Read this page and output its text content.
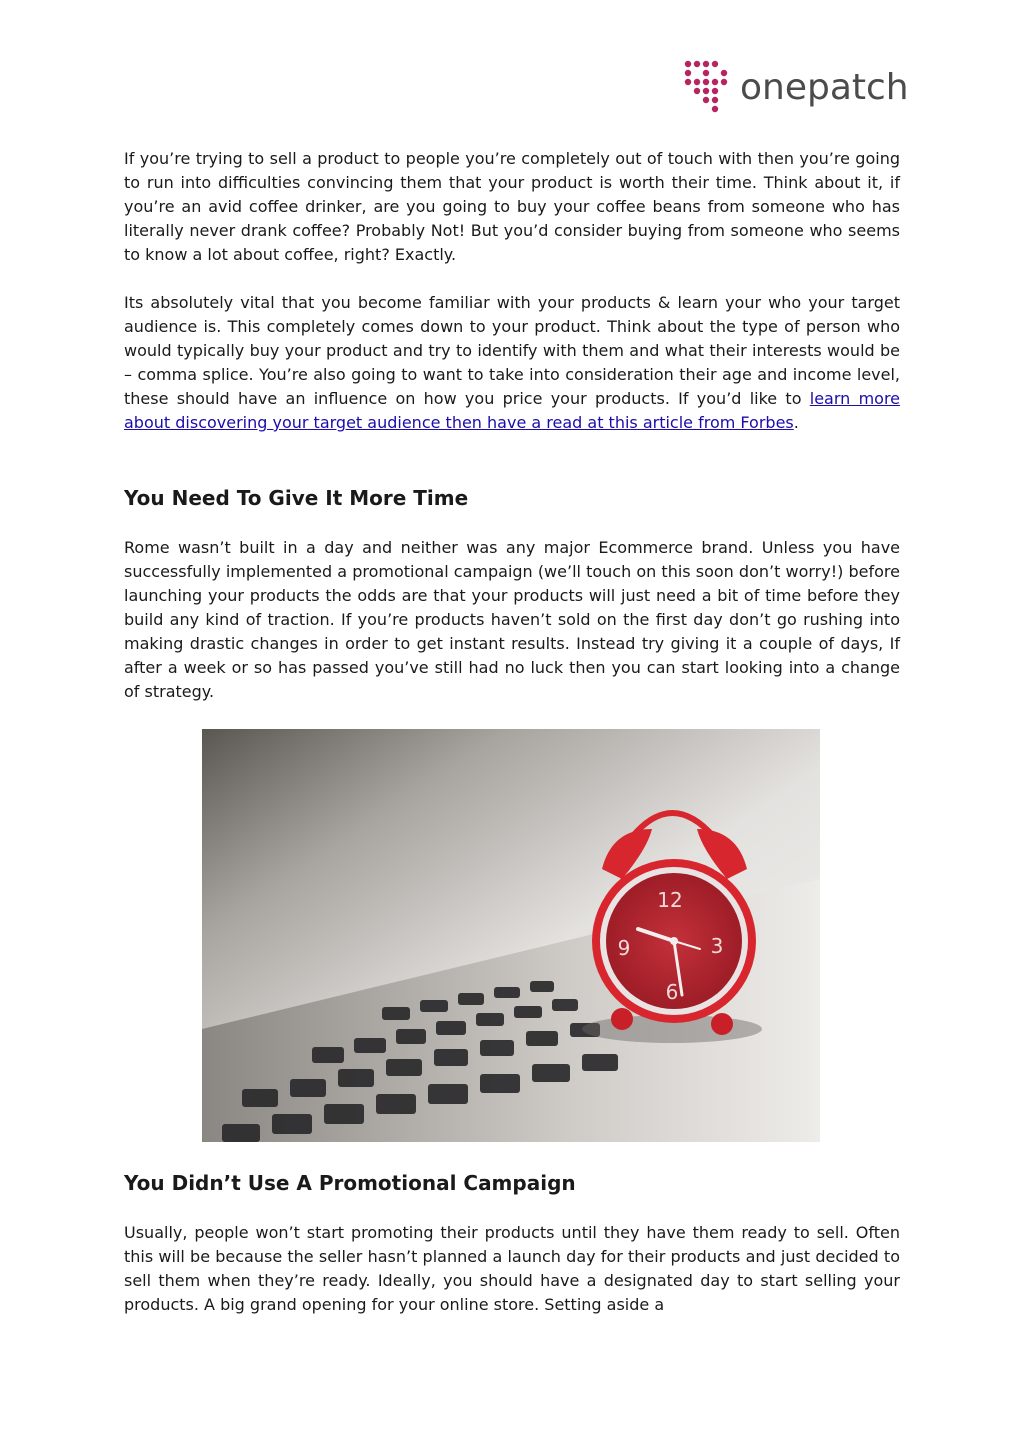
onepatch

If you’re trying to sell a product to people you’re completely out of touch with then you’re going to run into difficulties convincing them that your product is worth their time. Think about it, if you’re an avid coffee drinker, are you going to buy your coffee beans from someone who has literally never drank coffee? Probably Not! But you’d consider buying from someone who seems to know a lot about coffee, right? Exactly.

Its absolutely vital that you become familiar with your products & learn your who your target audience is. This completely comes down to your product. Think about the type of person who would typically buy your product and try to identify with them and what their interests would be – comma splice. You’re also going to want to take into consideration their age and income level, these should have an influence on how you price your products. If you’d like to learn more about discovering your target audience then have a read at this article from Forbes.

You Need To Give It More Time

Rome wasn’t built in a day and neither was any major Ecommerce brand. Unless you have successfully implemented a promotional campaign (we’ll touch on this soon don’t worry!) before launching your products the odds are that your products will just need a bit of time before they build any kind of traction. If you’re products haven’t sold on the first day don’t go rushing into making drastic changes in order to get instant results. Instead try giving it a couple of days, If after a week or so has passed you’ve still had no luck then you can start looking into a change of strategy.

12
3
6
9
You Didn’t Use A Promotional Campaign

Usually, people won’t start promoting their products until they have them ready to sell. Often this will be because the seller hasn’t planned a launch day for their products and just decided to sell them when they’re ready. Ideally, you should have a designated day to start selling your products. A big grand opening for your online store. Setting aside a
